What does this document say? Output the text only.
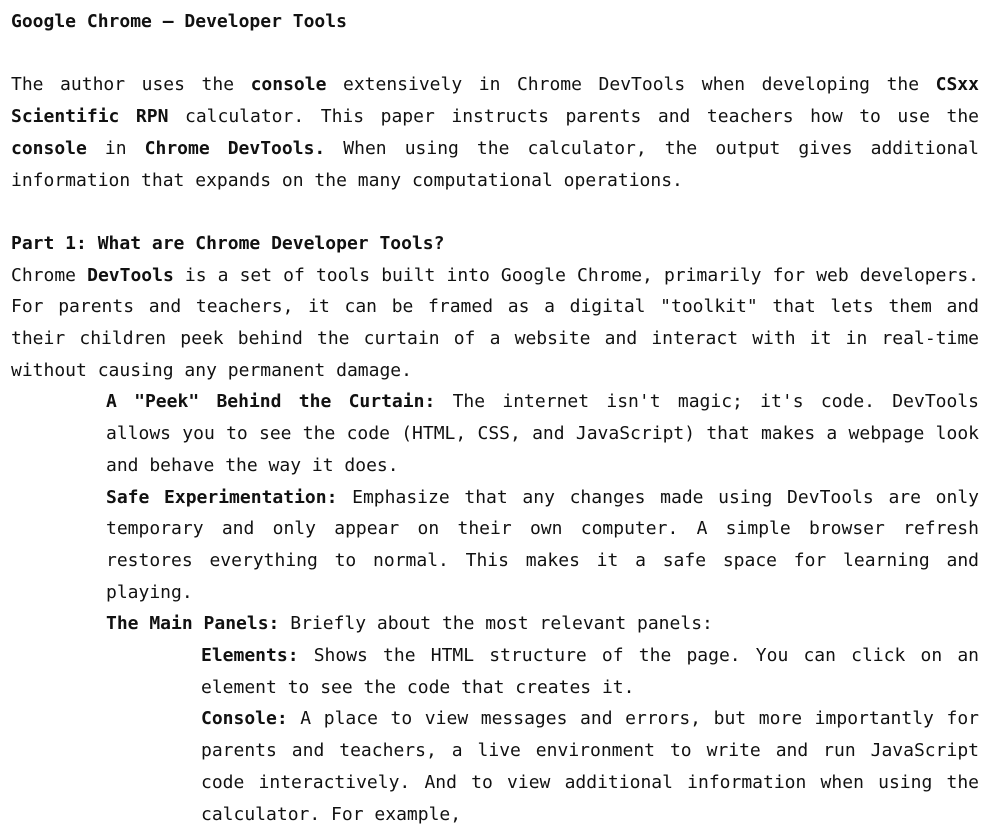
Google Chrome – Developer Tools

The author uses the console extensively in Chrome DevTools when developing the CSxx Scientific RPN calculator. This paper instructs parents and teachers how to use the console in Chrome DevTools. When using the calculator, the output gives additional information that expands on the many computational operations.

Part 1: What are Chrome Developer Tools?

Chrome DevTools is a set of tools built into Google Chrome, primarily for web developers. For parents and teachers, it can be framed as a digital "toolkit" that lets them and their children peek behind the curtain of a website and interact with it in real-time without causing any permanent damage.

A "Peek" Behind the Curtain: The internet isn't magic; it's code. DevTools allows you to see the code (HTML, CSS, and JavaScript) that makes a webpage look and behave the way it does.

Safe Experimentation: Emphasize that any changes made using DevTools are only temporary and only appear on their own computer. A simple browser refresh restores everything to normal. This makes it a safe space for learning and playing.

The Main Panels: Briefly about the most relevant panels:

Elements: Shows the HTML structure of the page. You can click on an element to see the code that creates it.

Console: A place to view messages and errors, but more importantly for parents and teachers, a live environment to write and run JavaScript code interactively. And to view additional information when using the calculator. For example,
